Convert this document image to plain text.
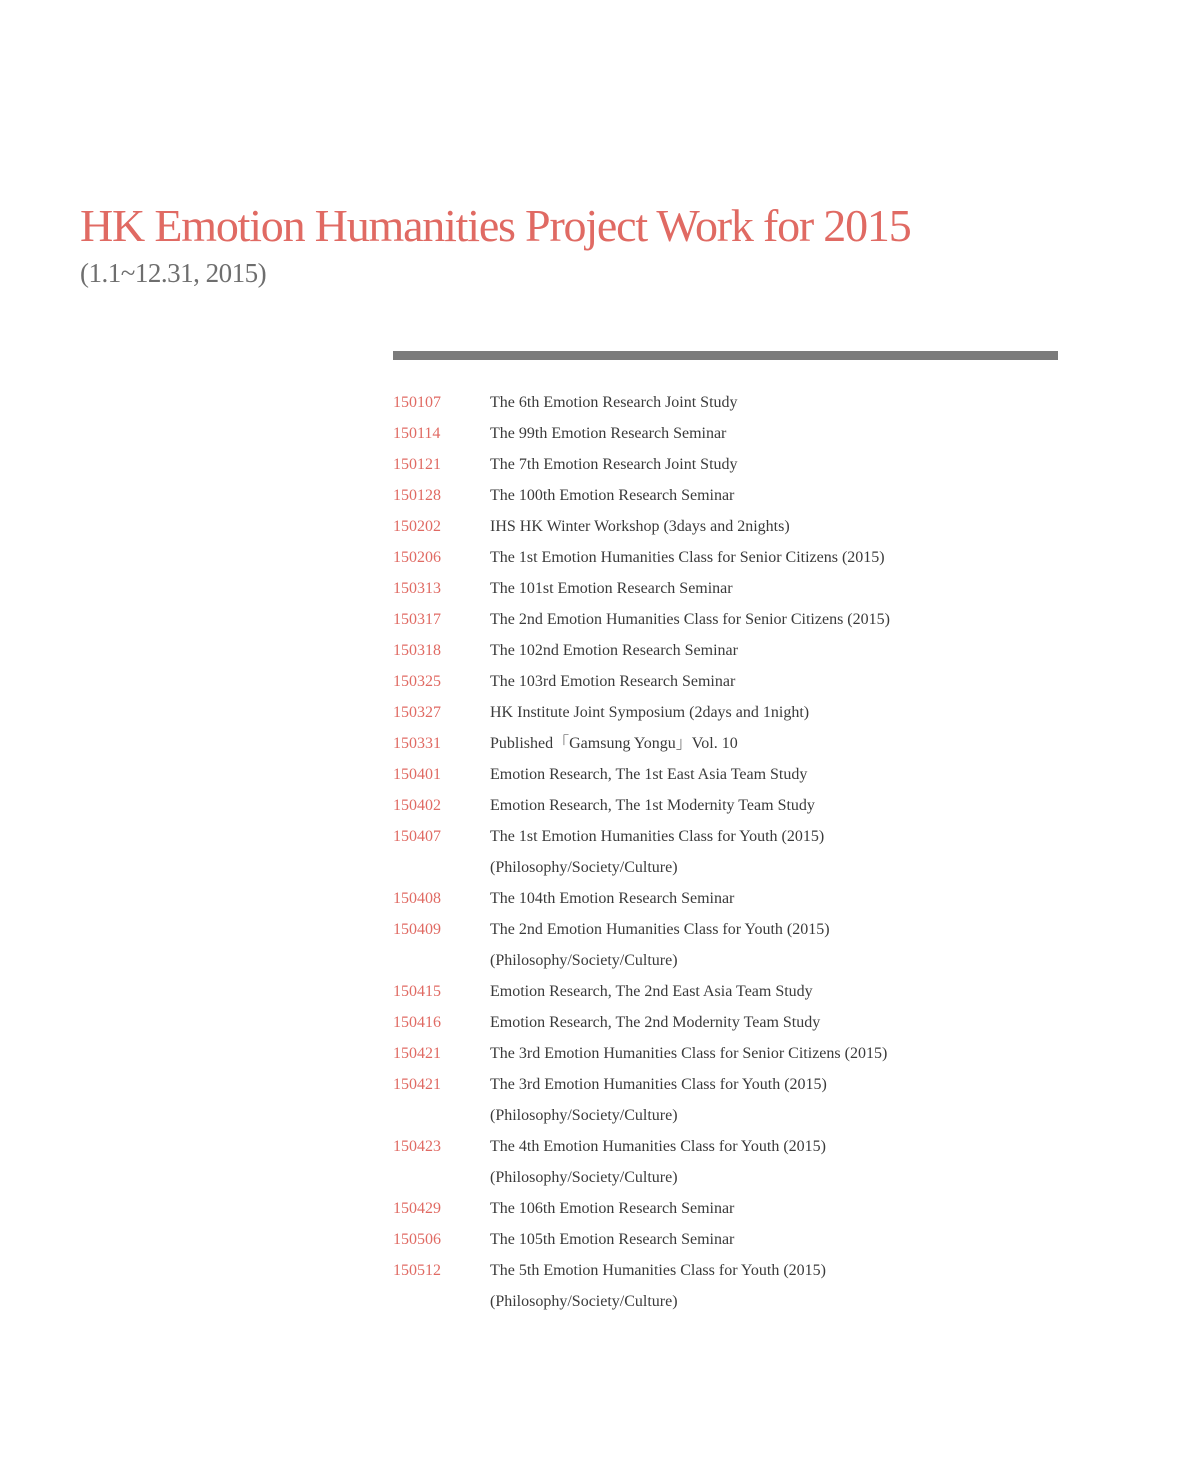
HK Emotion Humanities Project Work for 2015
(1.1~12.31, 2015)
150107	The 6th Emotion Research Joint Study
150114	The 99th Emotion Research Seminar
150121	The 7th Emotion Research Joint Study
150128	The 100th Emotion Research Seminar
150202	IHS HK Winter Workshop (3days and 2nights)
150206	The 1st Emotion Humanities Class for Senior Citizens (2015)
150313	The 101st Emotion Research Seminar
150317	The 2nd Emotion Humanities Class for Senior Citizens (2015)
150318	The 102nd Emotion Research Seminar
150325	The 103rd Emotion Research Seminar
150327	HK Institute Joint Symposium (2days and 1night)
150331	Published「Gamsung Yongu」Vol. 10
150401	Emotion Research, The 1st East Asia Team Study
150402	Emotion Research, The 1st Modernity Team Study
150407	The 1st Emotion Humanities Class for Youth (2015)
(Philosophy/Society/Culture)
150408	The 104th Emotion Research Seminar
150409	The 2nd Emotion Humanities Class for Youth (2015)
(Philosophy/Society/Culture)
150415	Emotion Research, The 2nd East Asia Team Study
150416	Emotion Research, The 2nd Modernity Team Study
150421	The 3rd Emotion Humanities Class for Senior Citizens (2015)
150421	The 3rd Emotion Humanities Class for Youth (2015)
(Philosophy/Society/Culture)
150423	The 4th Emotion Humanities Class for Youth (2015)
(Philosophy/Society/Culture)
150429	The 106th Emotion Research Seminar
150506	The 105th Emotion Research Seminar
150512	The 5th Emotion Humanities Class for Youth (2015)
(Philosophy/Society/Culture)
